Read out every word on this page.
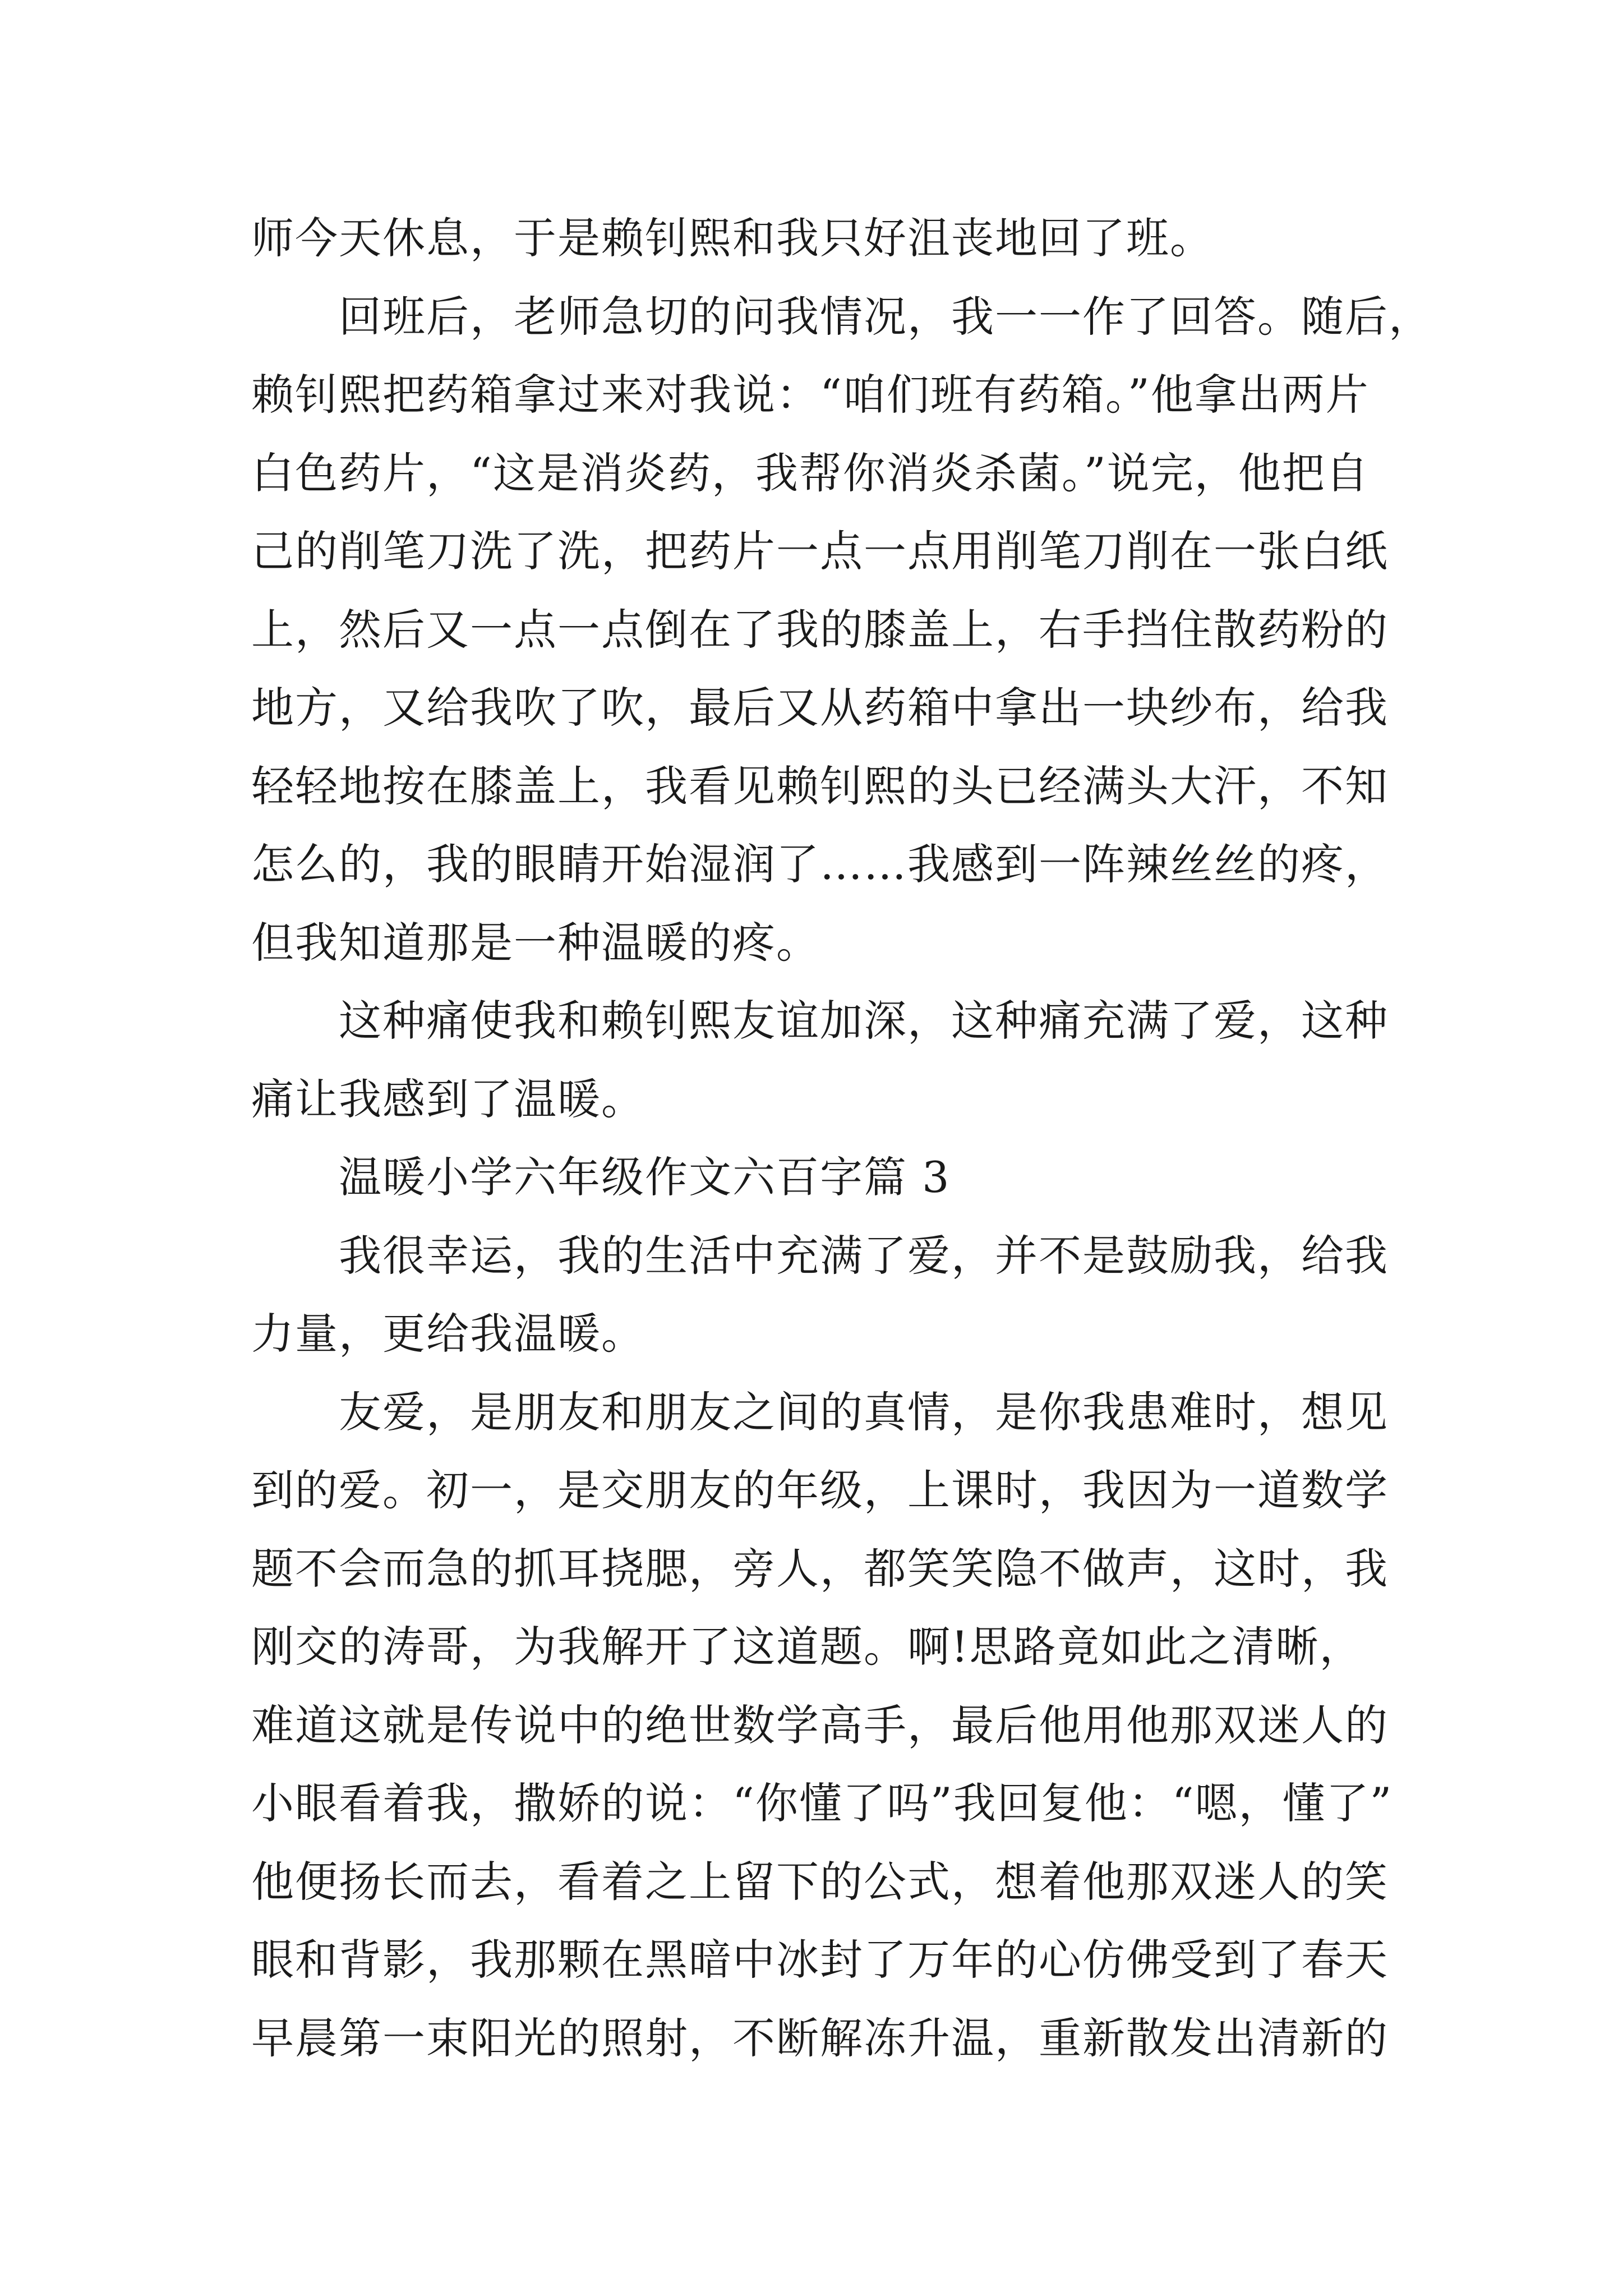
师今天休息，于是赖钊熙和我只好沮丧地回了班。
回班后，老师急切的问我情况，我一一作了回答。随后，
赖钊熙把药箱拿过来对我说：“咱们班有药箱。”他拿出两片
白色药片，“这是消炎药，我帮你消炎杀菌。”说完，他把自
己的削笔刀洗了洗，把药片一点一点用削笔刀削在一张白纸
上，然后又一点一点倒在了我的膝盖上，右手挡住散药粉的
地方，又给我吹了吹，最后又从药箱中拿出一块纱布，给我
轻轻地按在膝盖上，我看见赖钊熙的头已经满头大汗，不知
怎么的，我的眼睛开始湿润了……我感到一阵辣丝丝的疼，
但我知道那是一种温暖的疼。
这种痛使我和赖钊熙友谊加深，这种痛充满了爱，这种
痛让我感到了温暖。
温暖小学六年级作文六百字篇 3
我很幸运，我的生活中充满了爱，并不是鼓励我，给我
力量，更给我温暖。
友爱，是朋友和朋友之间的真情，是你我患难时，想见
到的爱。初一，是交朋友的年级，上课时，我因为一道数学
题不会而急的抓耳挠腮，旁人，都笑笑隐不做声，这时，我
刚交的涛哥，为我解开了这道题。啊!思路竟如此之清晰，
难道这就是传说中的绝世数学高手，最后他用他那双迷人的
小眼看着我，撒娇的说：“你懂了吗”我回复他：“嗯，懂了”
他便扬长而去，看着之上留下的公式，想着他那双迷人的笑
眼和背影，我那颗在黑暗中冰封了万年的心仿佛受到了春天
早晨第一束阳光的照射，不断解冻升温，重新散发出清新的
